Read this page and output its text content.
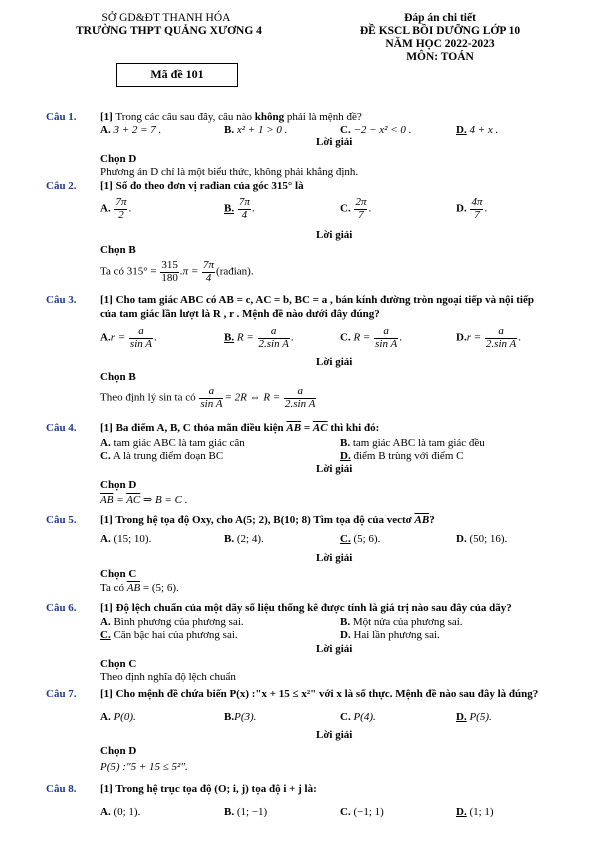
SỞ GD&ĐT THANH HÓA
TRƯỜNG THPT QUẢNG XƯƠNG 4
Đáp án chi tiết
ĐỀ KSCL BỒI DƯỠNG LỚP 10
NĂM HỌC 2022-2023
MÔN: TOÁN
Mã đề 101
Câu 1. [1] Trong các câu sau đây, câu nào không phải là mệnh đề?
A. 3 + 2 = 7 .	B. x² + 1 > 0 .	C. −2 − x² < 0 .	D. 4 + x .
Lời giải
Chọn D
Phương án D chỉ là một biểu thức, không phải khẳng định.
Câu 2. [1] Số đo theo đơn vị rađian của góc 315° là
A. $\frac{7\pi}{2}$ .	B. $\frac{7\pi}{4}$ .	C. $\frac{2\pi}{7}$ .	D. $\frac{4\pi}{7}$ .
Lời giải
Chọn B
Ta có $315^\circ = \frac{315}{180} .\pi = \frac{7\pi}{4}$ (rađian).
Câu 3. [1] Cho tam giác ABC có AB = c, AC = b, BC = a , bán kính đường tròn ngoại tiếp và nội tiếp
của tam giác lần lượt là R , r . Mệnh đề nào dưới đây đúng?
$A.r = \frac{a}{\text{sin A}}$ .	B. $R = \frac{a}{\text{2.sin A}}$ .	C. $R = \frac{a}{\text{sin A}}$ .	$D.r = \frac{a}{\text{2.sin A}}$ .
Lời giải
Chọn B
Theo định lý sin ta có $\frac{a}{\text{sin A}} = 2R$ ⇔ $R = \frac{a}{\text{2.sin A}}$
Câu 4. [1] Ba điểm A, B, C thỏa mãn điều kiện $\overline{AB} = \overline{AC}$ thì khi đó:
A. tam giác ABC là tam giác cân	B. tam giác ABC là tam giác đều
C. A là trung điểm đoạn BC	D. điểm B trùng với điểm C
Lời giải
Chọn D
$\overline{AB} = \overline{AC}$ ⇒ B = C .
Câu 5. [1] Trong hệ tọa độ Oxy, cho A(5; 2), B(10; 8) Tìm tọa độ của vectơ $\overline{AB}$?
A. (15; 10).	B. (2; 4).	C. (5; 6).	D. (50; 16).
Lời giải
Chọn C
Ta có $\overline{AB} = (5$; 6).
Câu 6. [1] Độ lệch chuẩn của một dãy số liệu thống kê được tính là giá trị nào sau đây của dãy?
A. Bình phương của phương sai.	B. Một nửa của phương sai.
C. Căn bậc hai của phương sai.	D. Hai lần phương sai.
Lời giải
Chọn C
Theo định nghĩa độ lệch chuẩn
Câu 7. [1] Cho mệnh đề chứa biến P(x) :"x + 15 ≤ x²" với x là số thực. Mệnh đề nào sau đây là đúng?
A. P(0).	B.P(3).	C. P(4).	D. P(5).
Lời giải
Chọn D
P(5) :"5 + 15 ≤ 5²".
Câu 8. [1] Trong hệ trục tọa độ (O; i, j) tọa độ i + j là:
A. (0; 1).	B. (1; −1)	C. (−1; 1)	D. (1; 1)
